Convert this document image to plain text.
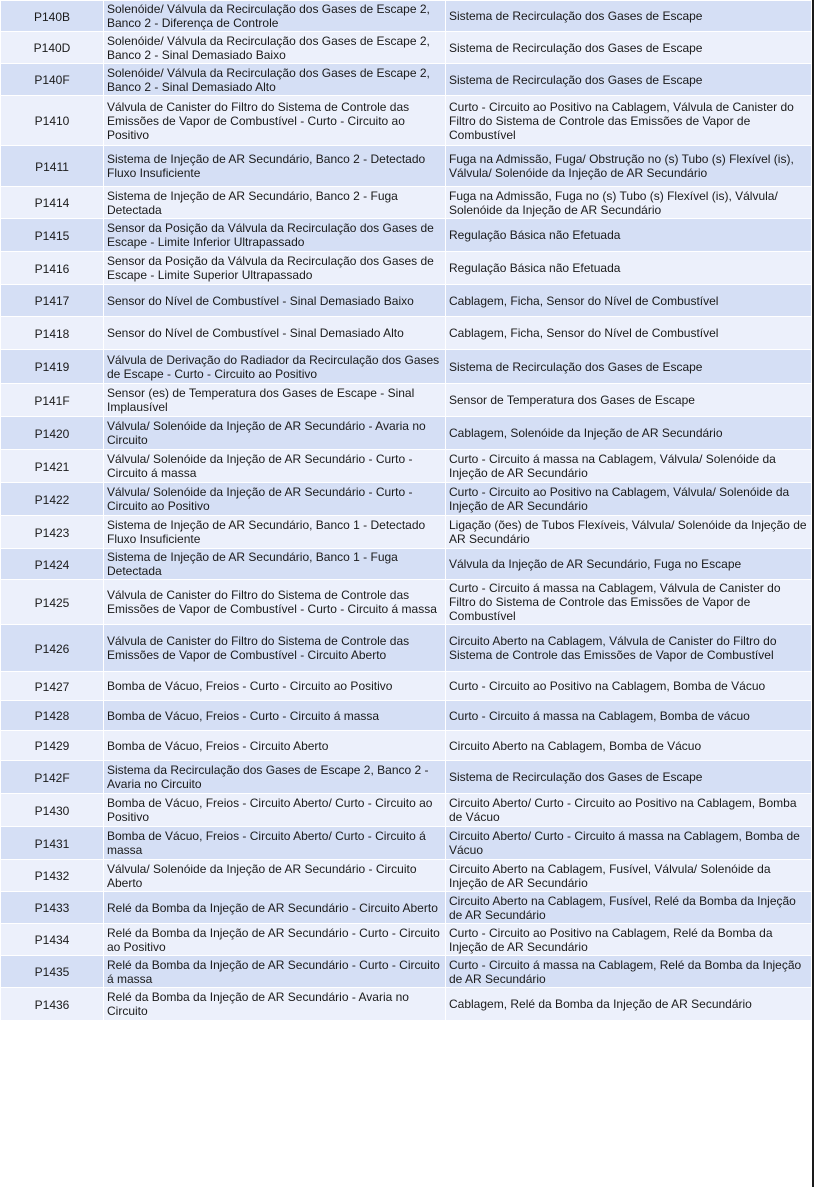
P140B	Solenóide/ Válvula da Recirculação dos Gases de Escape 2, Banco 2 - Diferença de Controle	Sistema de Recirculação dos Gases de Escape
P140D	Solenóide/ Válvula da Recirculação dos Gases de Escape 2, Banco 2 - Sinal Demasiado Baixo	Sistema de Recirculação dos Gases de Escape
P140F	Solenóide/ Válvula da Recirculação dos Gases de Escape 2, Banco 2 - Sinal Demasiado Alto	Sistema de Recirculação dos Gases de Escape
P1410	Válvula de Canister do Filtro do Sistema de Controle das Emissões de Vapor de Combustível - Curto - Circuito ao Positivo	Curto - Circuito ao Positivo na Cablagem, Válvula de Canister do Filtro do Sistema de Controle das Emissões de Vapor de Combustível
P1411	Sistema de Injeção de AR Secundário, Banco 2 - Detectado Fluxo Insuficiente	Fuga na Admissão, Fuga/ Obstrução no (s) Tubo (s) Flexível (is), Válvula/ Solenóide da Injeção de AR Secundário
P1414	Sistema de Injeção de AR Secundário, Banco 2 - Fuga Detectada	Fuga na Admissão, Fuga no (s) Tubo (s) Flexível (is), Válvula/ Solenóide da Injeção de AR Secundário
P1415	Sensor da Posição da Válvula da Recirculação dos Gases de Escape - Limite Inferior Ultrapassado	Regulação Básica não Efetuada
P1416	Sensor da Posição da Válvula da Recirculação dos Gases de Escape - Limite Superior Ultrapassado	Regulação Básica não Efetuada
P1417	Sensor do Nível de Combustível - Sinal Demasiado Baixo	Cablagem, Ficha, Sensor do Nível de Combustível
P1418	Sensor do Nível de Combustível - Sinal Demasiado Alto	Cablagem, Ficha, Sensor do Nível de Combustível
P1419	Válvula de Derivação do Radiador da Recirculação dos Gases de Escape - Curto - Circuito ao Positivo	Sistema de Recirculação dos Gases de Escape
P141F	Sensor (es) de Temperatura dos Gases de Escape - Sinal Implausível	Sensor de Temperatura dos Gases de Escape
P1420	Válvula/ Solenóide da Injeção de AR Secundário - Avaria no Circuito	Cablagem, Solenóide da Injeção de AR Secundário
P1421	Válvula/ Solenóide da Injeção de AR Secundário - Curto - Circuito á massa	Curto - Circuito á massa na Cablagem, Válvula/ Solenóide da Injeção de AR Secundário
P1422	Válvula/ Solenóide da Injeção de AR Secundário - Curto - Circuito ao Positivo	Curto - Circuito ao Positivo na Cablagem, Válvula/ Solenóide da Injeção de AR Secundário
P1423	Sistema de Injeção de AR Secundário, Banco 1 - Detectado Fluxo Insuficiente	Ligação (ões) de Tubos Flexíveis, Válvula/ Solenóide da Injeção de AR Secundário
P1424	Sistema de Injeção de AR Secundário, Banco 1 - Fuga Detectada	Válvula da Injeção de AR Secundário, Fuga no Escape
P1425	Válvula de Canister do Filtro do Sistema de Controle das Emissões de Vapor de Combustível - Curto - Circuito á massa	Curto - Circuito á massa na Cablagem, Válvula de Canister do Filtro do Sistema de Controle das Emissões de Vapor de Combustível
P1426	Válvula de Canister do Filtro do Sistema de Controle das Emissões de Vapor de Combustível - Circuito Aberto	Circuito Aberto na Cablagem, Válvula de Canister do Filtro do Sistema de Controle das Emissões de Vapor de Combustível
P1427	Bomba de Vácuo, Freios - Curto - Circuito ao Positivo	Curto - Circuito ao Positivo na Cablagem, Bomba de Vácuo
P1428	Bomba de Vácuo, Freios - Curto - Circuito á massa	Curto - Circuito á massa na Cablagem, Bomba de vácuo
P1429	Bomba de Vácuo, Freios - Circuito Aberto	Circuito Aberto na Cablagem, Bomba de Vácuo
P142F	Sistema da Recirculação dos Gases de Escape 2, Banco 2 - Avaria no Circuito	Sistema de Recirculação dos Gases de Escape
P1430	Bomba de Vácuo, Freios - Circuito Aberto/ Curto - Circuito ao Positivo	Circuito Aberto/ Curto - Circuito ao Positivo na Cablagem, Bomba de Vácuo
P1431	Bomba de Vácuo, Freios - Circuito Aberto/ Curto - Circuito á massa	Circuito Aberto/ Curto - Circuito á massa na Cablagem, Bomba de Vácuo
P1432	Válvula/ Solenóide da Injeção de AR Secundário - Circuito Aberto	Circuito Aberto na Cablagem, Fusível, Válvula/ Solenóide da Injeção de AR Secundário
P1433	Relé da Bomba da Injeção de AR Secundário - Circuito Aberto	Circuito Aberto na Cablagem, Fusível, Relé da Bomba da Injeção de AR Secundário
P1434	Relé da Bomba da Injeção de AR Secundário - Curto - Circuito ao Positivo	Curto - Circuito ao Positivo na Cablagem, Relé da Bomba da Injeção de AR Secundário
P1435	Relé da Bomba da Injeção de AR Secundário - Curto - Circuito á massa	Curto - Circuito á massa na Cablagem, Relé da Bomba da Injeção de AR Secundário
P1436	Relé da Bomba da Injeção de AR Secundário - Avaria no Circuito	Cablagem, Relé da Bomba da Injeção de AR Secundário
